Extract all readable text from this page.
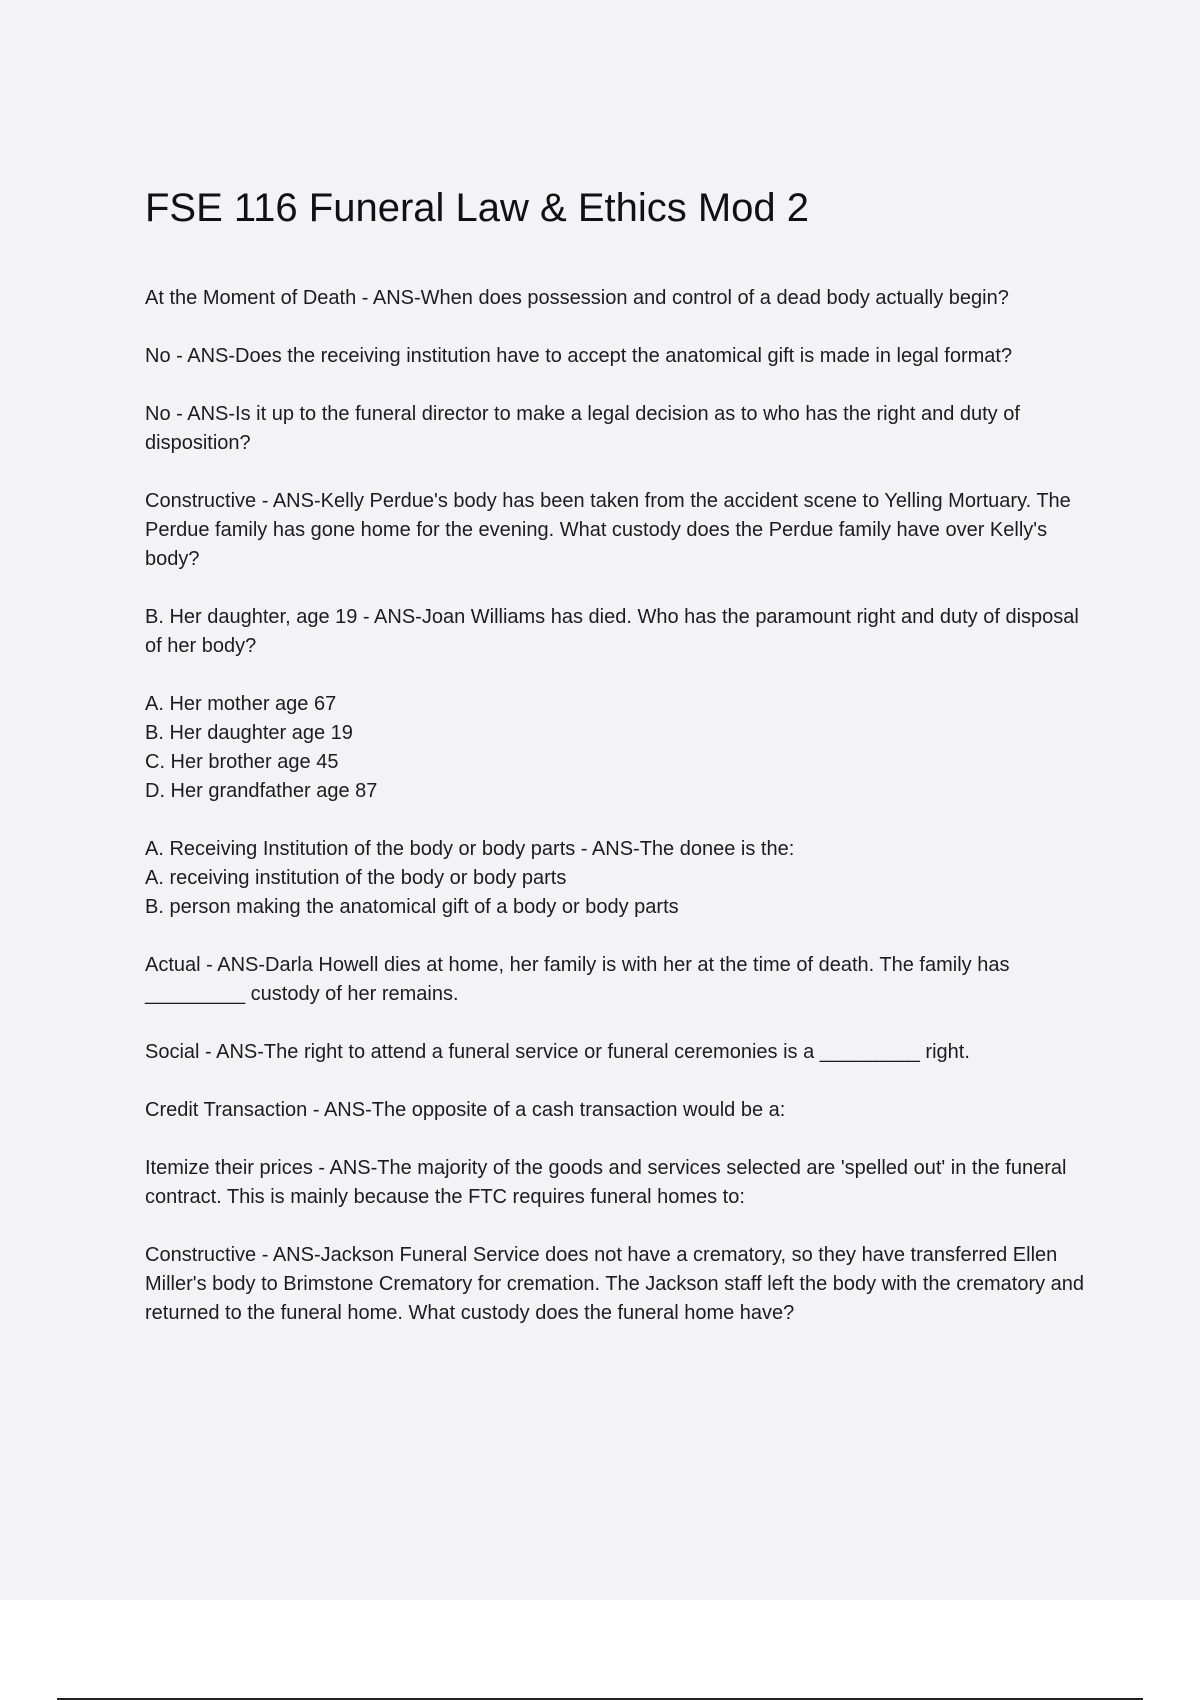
FSE 116 Funeral Law & Ethics Mod 2

At the Moment of Death - ANS-When does possession and control of a dead body actually begin?

No - ANS-Does the receiving institution have to accept the anatomical gift is made in legal format?

No - ANS-Is it up to the funeral director to make a legal decision as to who has the right and duty of disposition?

Constructive - ANS-Kelly Perdue's body has been taken from the accident scene to Yelling Mortuary. The Perdue family has gone home for the evening. What custody does the Perdue family have over Kelly's body?

B. Her daughter, age 19 - ANS-Joan Williams has died. Who has the paramount right and duty of disposal of her body?

A. Her mother age 67
B. Her daughter age 19
C. Her brother age 45
D. Her grandfather age 87

A. Receiving Institution of the body or body parts - ANS-The donee is the:
A. receiving institution of the body or body parts
B. person making the anatomical gift of a body or body parts

Actual - ANS-Darla Howell dies at home, her family is with her at the time of death. The family has _________ custody of her remains.

Social - ANS-The right to attend a funeral service or funeral ceremonies is a _________ right.

Credit Transaction - ANS-The opposite of a cash transaction would be a:

Itemize their prices - ANS-The majority of the goods and services selected are 'spelled out' in the funeral contract. This is mainly because the FTC requires funeral homes to:

Constructive - ANS-Jackson Funeral Service does not have a crematory, so they have transferred Ellen Miller's body to Brimstone Crematory for cremation. The Jackson staff left the body with the crematory and returned to the funeral home. What custody does the funeral home have?
